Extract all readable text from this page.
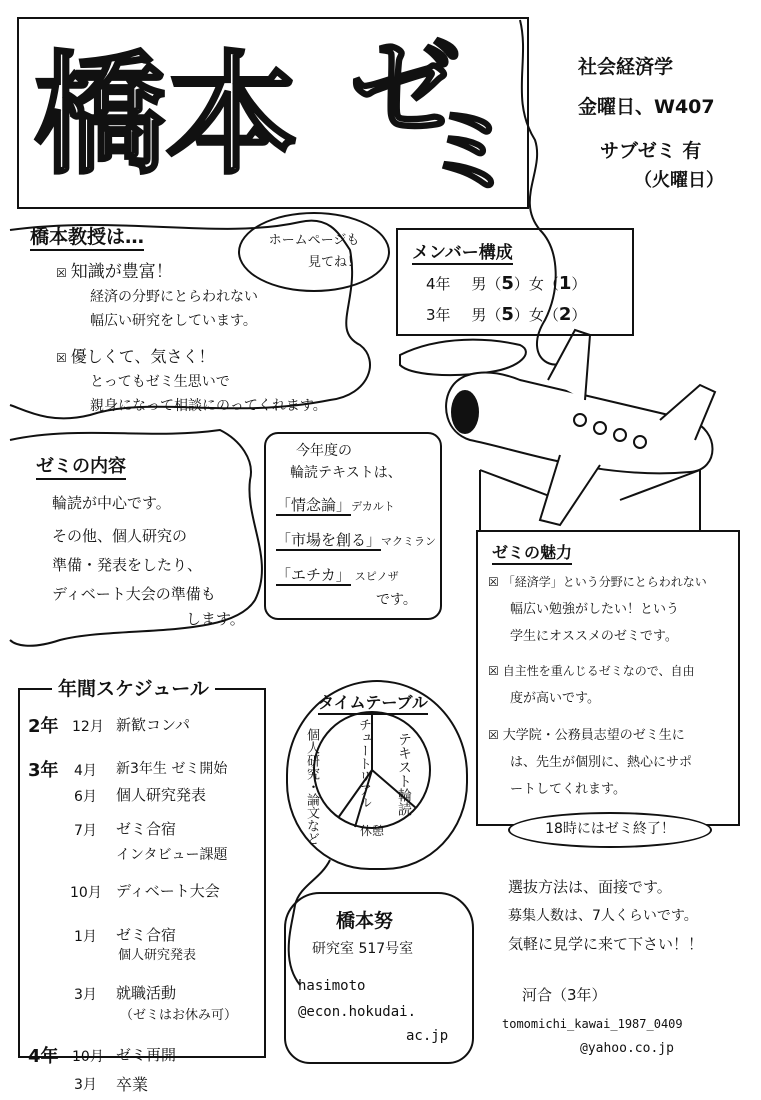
橋本 ゼ
ミ
社会経済学
金曜日、W407
サブゼミ 有
（火曜日）
橋本教授は…
☒ 知識が豊富！
経済の分野にとらわれない
幅広い研究をしています。
☒ 優しくて、気さく！
とってもゼミ生思いで
親身になって相談にのってくれます。
ホームページも
見てね！	メンバー構成
4年 男（5）女（1）
3年 男（5）女（2）
ゼミの内容
輪読が中心です。
その他、個人研究の
準備・発表をしたり、
ディベート大会の準備も
します。
今年度の
輪読テキストは、
「情念論」デカルト
「市場を創る」マクミラン
「エチカ」 スピノザ
です。
ゼミの魅力
☒ 「経済学」という分野にとらわれない
幅広い勉強がしたい！という
学生にオススメのゼミです。
☒ 自主性を重んじるゼミなので、自由
度が高いです。
☒ 大学院・公務員志望のゼミ生に
は、先生が個別に、熱心にサポ
ートしてくれます。
18時にはゼミ終了！
年間スケジュール
2年 12月 新歓コンパ
3年 4月 新3年生 ゼミ開始
6月 個人研究発表
7月 ゼミ合宿
インタビュー課題
10月 ディベート大会
1月 ゼミ合宿
個人研究発表
3月 就職活動
（ゼミはお休み可）
4年 10月 ゼミ再開
3月 卒業
タイムテーブル
テキスト輪読
チュートリアル
個人研究・論文など	休憩
橋本努
研究室 517号室
hasimoto
@econ.hokudai.
ac.jp
選抜方法は、面接です。
募集人数は、7人くらいです。
気軽に見学に来て下さい！！
河合（3年）
tomomichi_kawai_1987_0409
@yahoo.co.jp
